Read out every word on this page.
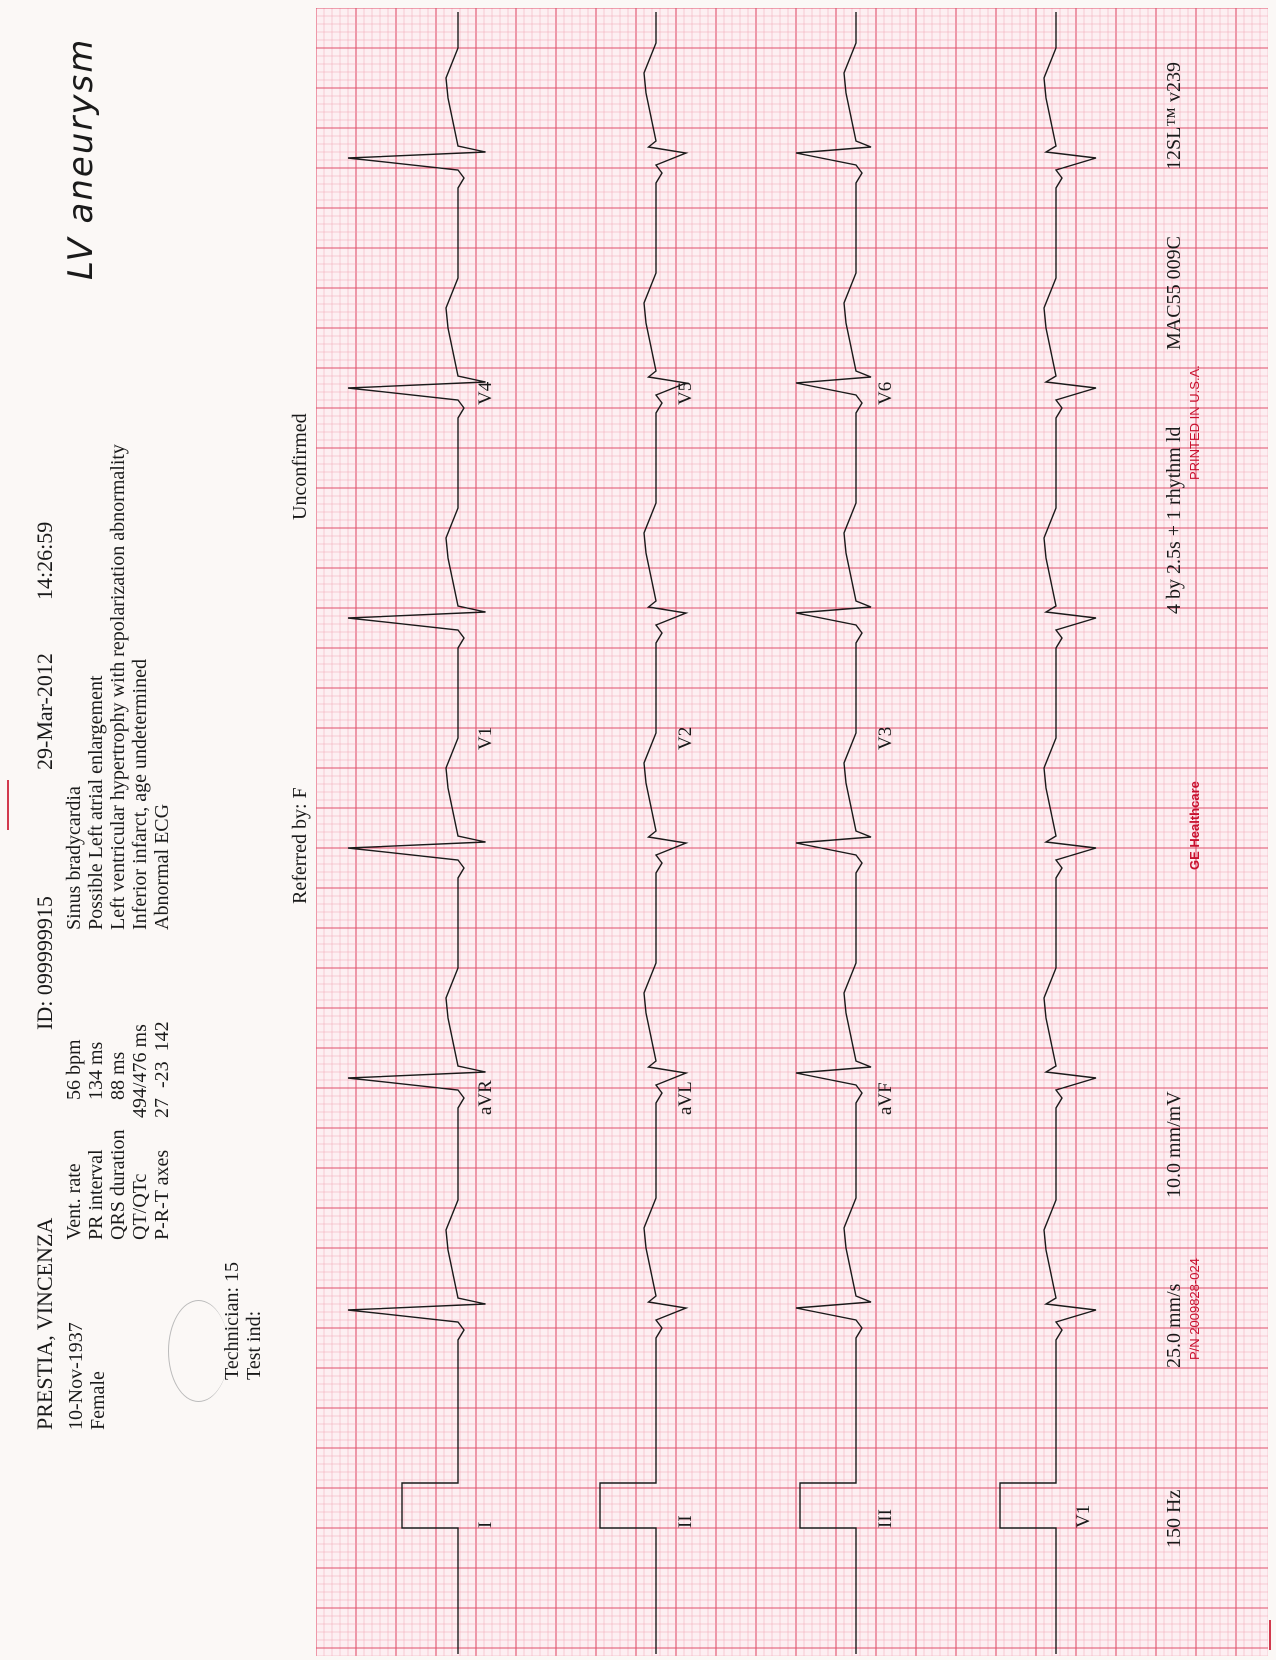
PRESTIA, VINCENZA 10-Nov-1937 Female
ID: 099999915
29-Mar-2012
14:26:59
Vent. rate
56 bpm
PR interval
134 ms
QRS duration
88 ms
QT/QTc
494/476 ms
P-R-T axes
27  -23  142
Sinus bradycardia Possible Left atrial enlargement Left ventricular hypertrophy with repolarization abnormality Inferior infarct, age undetermined Abnormal ECG
LV aneurysm
Technician: 15 Test ind:
Referred by: F
Unconfirmed
I
aVR
V1
V4
II
aVL
V2
V5
III
aVF
V3
V6
V1	150 Hz
25.0 mm/s
10.0 mm/mV
4 by 2.5s + 1 rhythm ld
MAC55 009C
12SL™ v239
P/N 2009828-024
GE Healthcare
PRINTED IN U.S.A.
